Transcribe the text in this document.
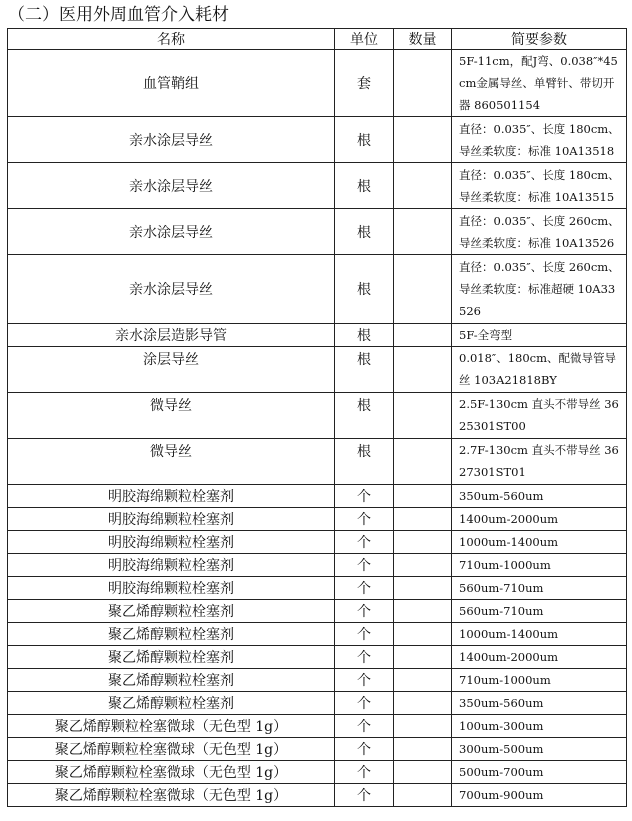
（二）医用外周血管介入耗材
名称	单位	数量	简要参数
血管鞘组	套		5F-11cm，配J弯、0.038″*45cm金属导丝、单臂针、带切开器 860501154
亲水涂层导丝	根		直径：0.035″、长度 180cm、导丝柔软度：标准 10A13518
亲水涂层导丝	根		直径：0.035″、长度 180cm、导丝柔软度：标准 10A13515
亲水涂层导丝	根		直径：0.035″、长度 260cm、导丝柔软度：标准 10A13526
亲水涂层导丝	根		直径：0.035″、长度 260cm、导丝柔软度：标准超硬 10A33526
亲水涂层造影导管	根		5F-全弯型
涂层导丝	根		0.018″、180cm、配微导管导丝 103A21818BY
微导丝	根		2.5F-130cm 直头不带导丝 3625301ST00
微导丝	根		2.7F-130cm 直头不带导丝 3627301ST01
明胶海绵颗粒栓塞剂	个		350um-560um
明胶海绵颗粒栓塞剂	个		1400um-2000um
明胶海绵颗粒栓塞剂	个		1000um-1400um
明胶海绵颗粒栓塞剂	个		710um-1000um
明胶海绵颗粒栓塞剂	个		560um-710um
聚乙烯醇颗粒栓塞剂	个		560um-710um
聚乙烯醇颗粒栓塞剂	个		1000um-1400um
聚乙烯醇颗粒栓塞剂	个		1400um-2000um
聚乙烯醇颗粒栓塞剂	个		710um-1000um
聚乙烯醇颗粒栓塞剂	个		350um-560um
聚乙烯醇颗粒栓塞微球（无色型 1g）	个		100um-300um
聚乙烯醇颗粒栓塞微球（无色型 1g）	个		300um-500um
聚乙烯醇颗粒栓塞微球（无色型 1g）	个		500um-700um
聚乙烯醇颗粒栓塞微球（无色型 1g）	个		700um-900um
